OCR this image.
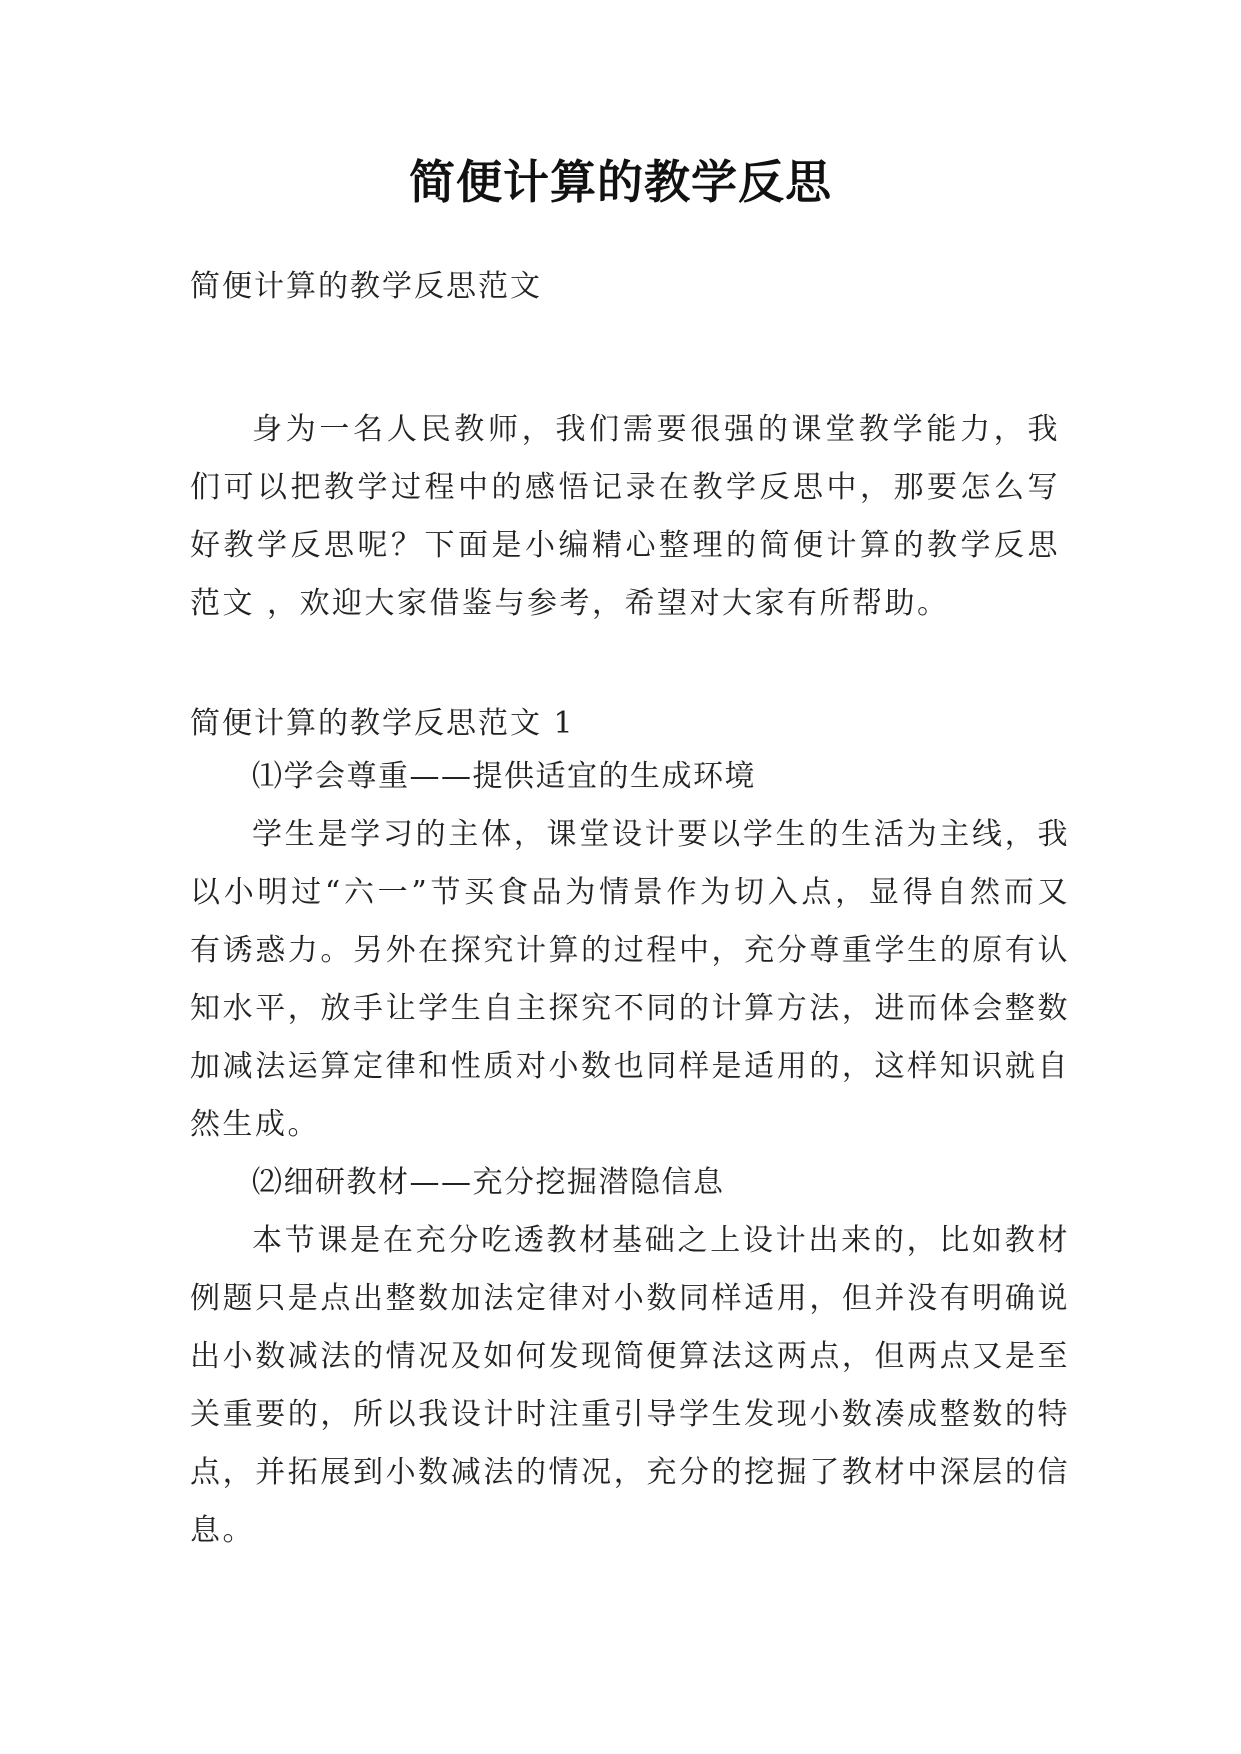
简便计算的教学反思
简便计算的教学反思范文
身为一名人民教师，我们需要很强的课堂教学能力，我们可以把教学过程中的感悟记录在教学反思中，那要怎么写好教学反思呢？下面是小编精心整理的简便计算的教学反思范文 ，欢迎大家借鉴与参考，希望对大家有所帮助。
简便计算的教学反思范文 1

⑴学会尊重——提供适宜的生成环境

学生是学习的主体，课堂设计要以学生的生活为主线，我以小明过“六一”节买食品为情景作为切入点，显得自然而又有诱惑力。另外在探究计算的过程中，充分尊重学生的原有认知水平，放手让学生自主探究不同的计算方法，进而体会整数加减法运算定律和性质对小数也同样是适用的，这样知识就自然生成。

⑵细研教材——充分挖掘潜隐信息

本节课是在充分吃透教材基础之上设计出来的，比如教材例题只是点出整数加法定律对小数同样适用，但并没有明确说出小数减法的情况及如何发现简便算法这两点，但两点又是至关重要的，所以我设计时注重引导学生发现小数凑成整数的特点，并拓展到小数减法的情况，充分的挖掘了教材中深层的信息。
